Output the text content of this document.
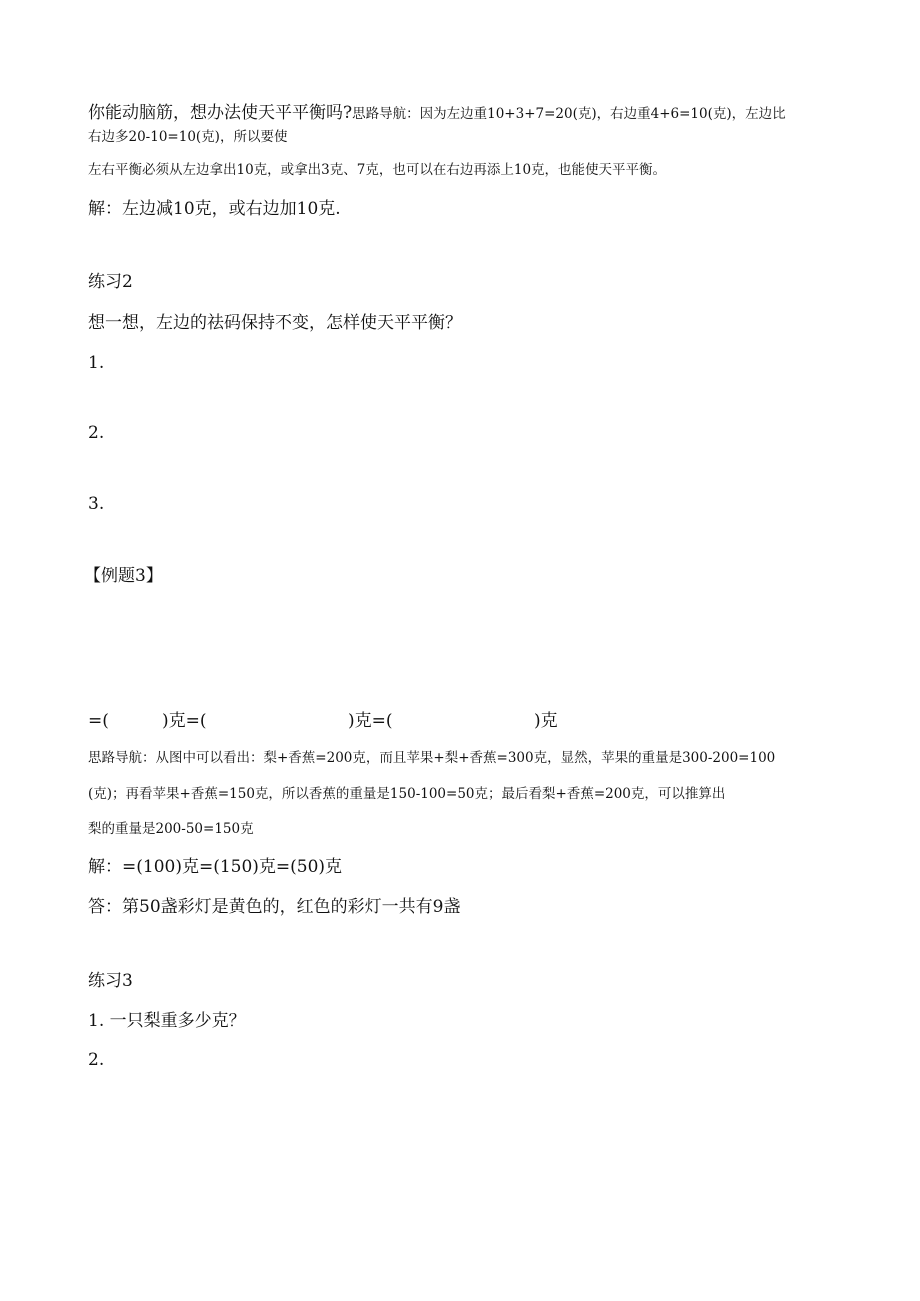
你能动脑筋，想办法使天平平衡吗?思路导航：因为左边重10+3+7=20(克)，右边重4+6=10(克)，左边比
右边多20-10=10(克)，所以要使
左右平衡必须从左边拿出10克，或拿出3克、7克，也可以在右边再添上10克，也能使天平平衡。
解：左边减10克，或右边加10克.
练习2
想一想，左边的祛码保持不变，怎样使天平平衡？
1.
2.
3.
【例题3】
=(	)克=(	)克=(	)克
思路导航：从图中可以看出：梨+香蕉=200克，而且苹果+梨+香蕉=300克，显然，苹果的重量是300-200=100
(克)；再看苹果+香蕉=150克，所以香蕉的重量是150-100=50克；最后看梨+香蕉=200克，可以推算出
梨的重量是200-50=150克
解：=(100)克=(150)克=(50)克
答：第50盏彩灯是黄色的，红色的彩灯一共有9盏
练习3
1. 一只梨重多少克？
2.
